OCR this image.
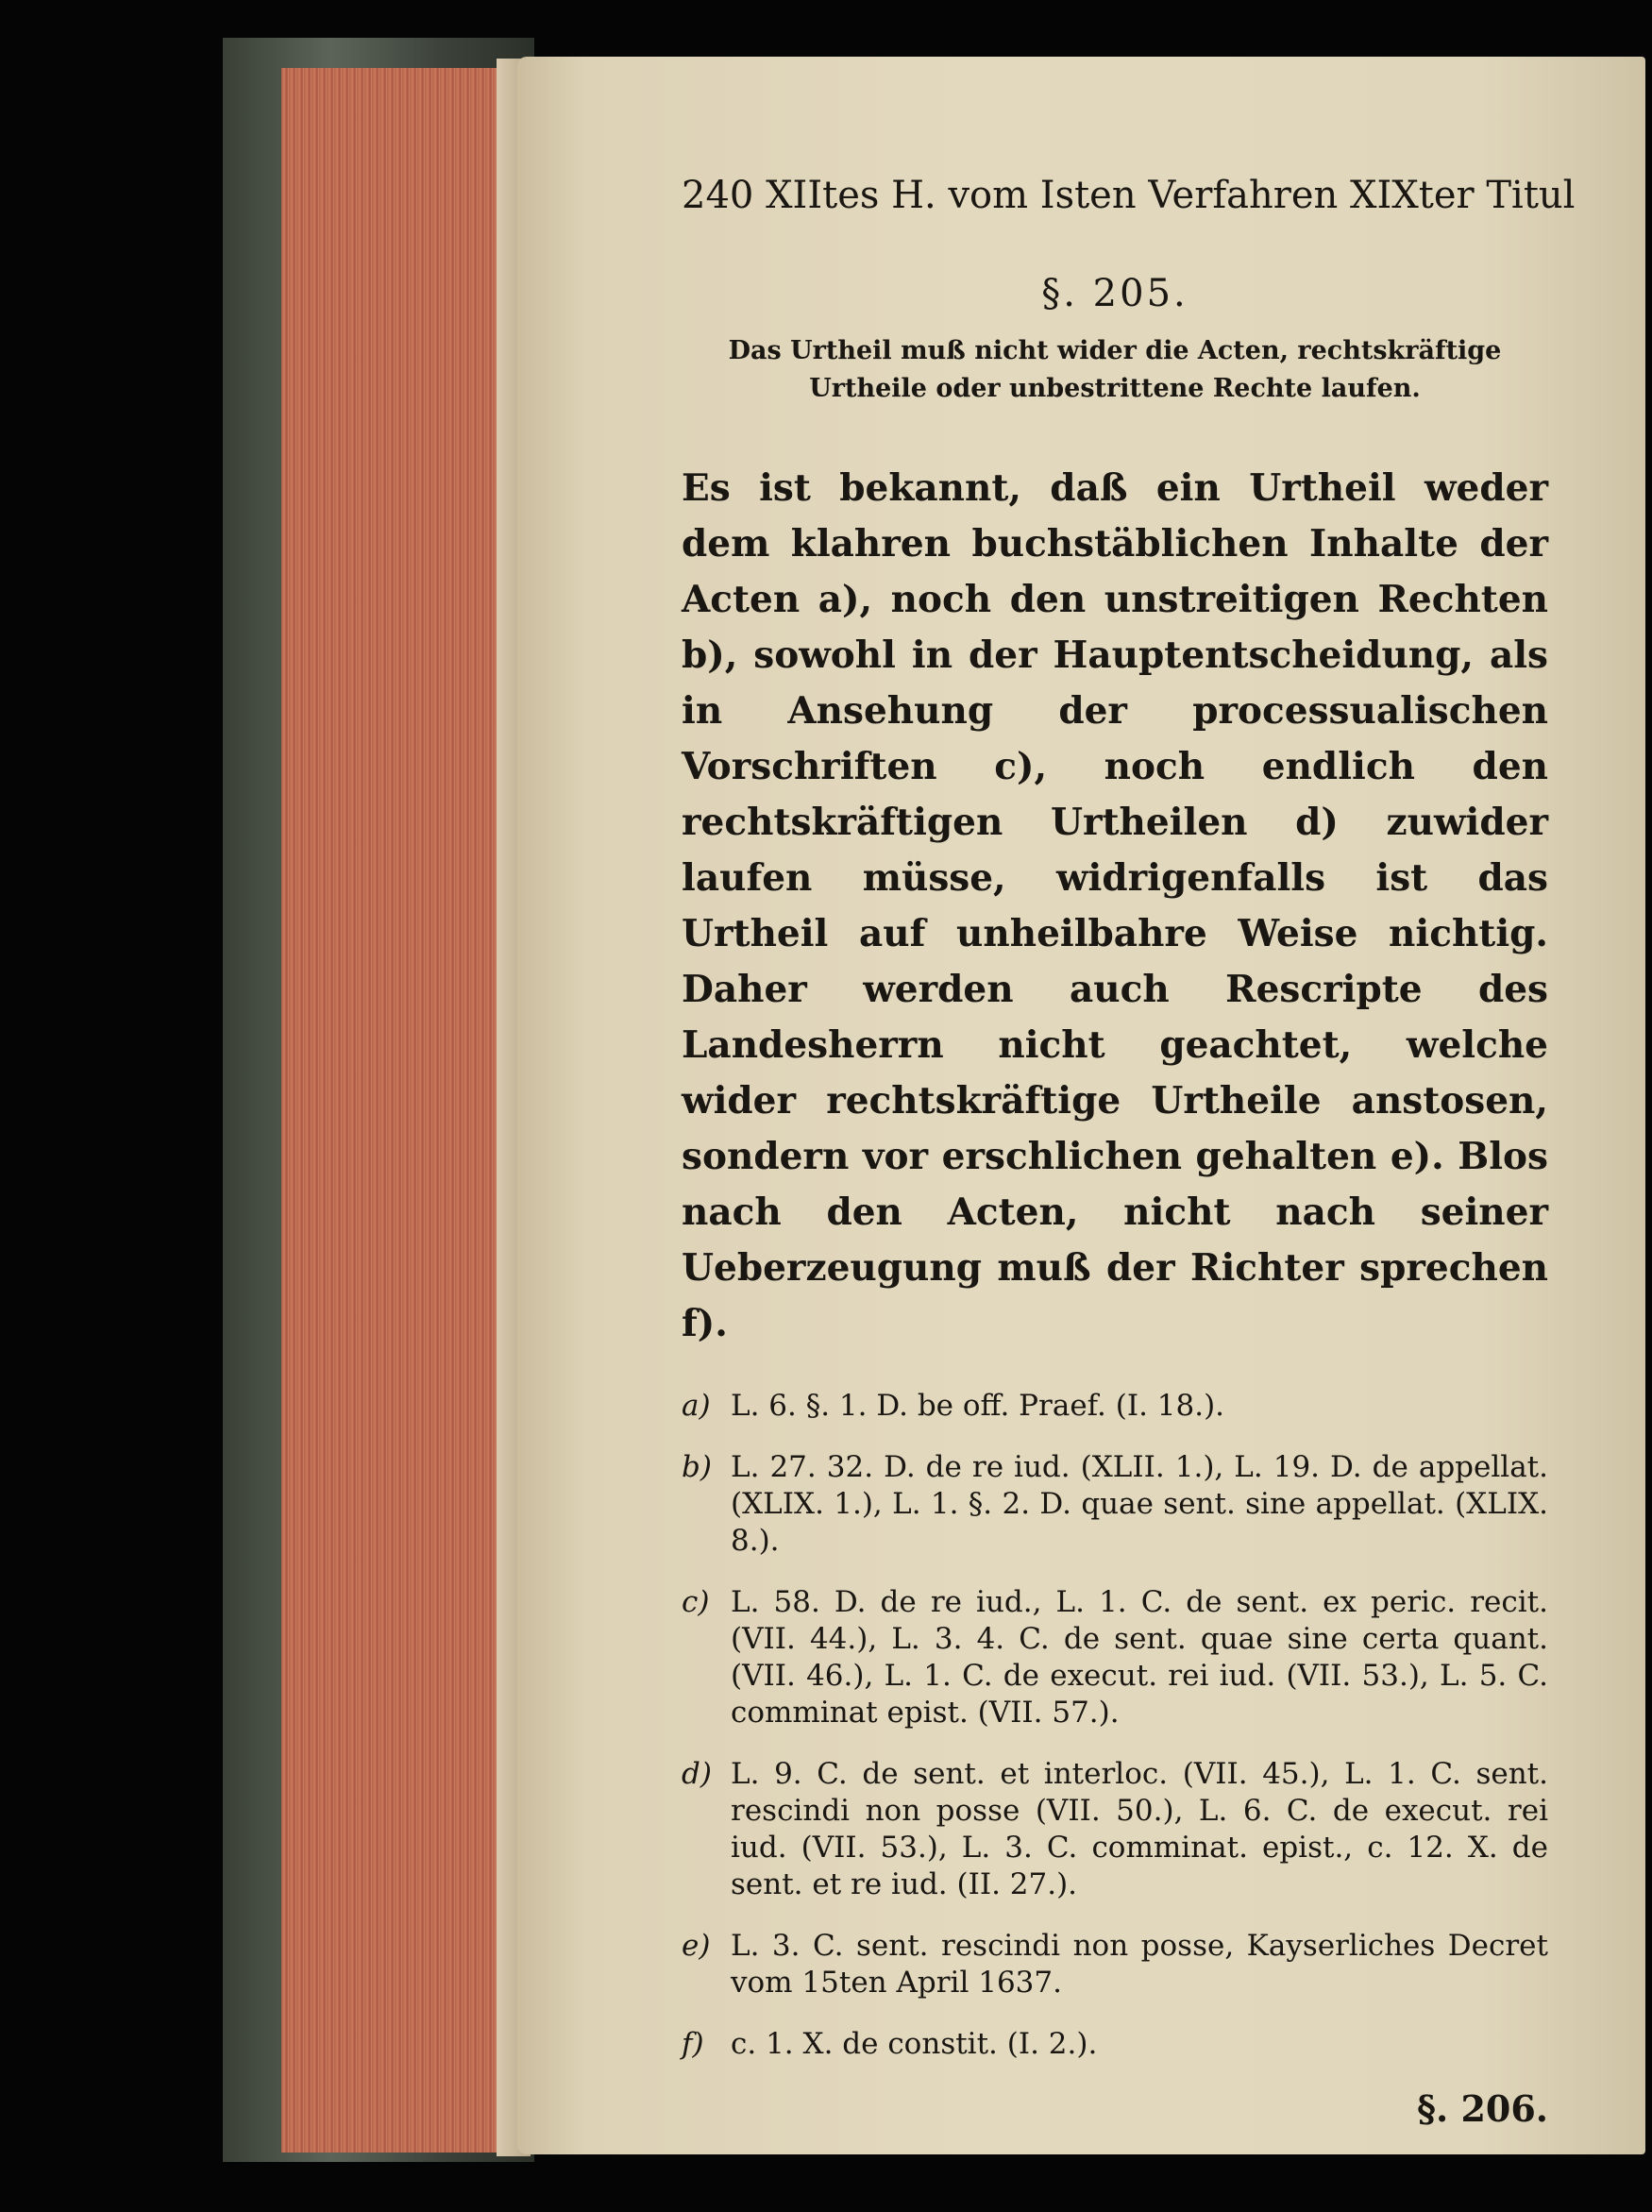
240 XIItes H. vom Isten Verfahren XIXter Titul
§. 205.
Das Urtheil muß nicht wider die Acten, rechtskräftige Urtheile oder unbestrittene Rechte laufen.
Es ist bekannt, daß ein Urtheil weder dem klahren buchstäblichen Inhalte der Acten a), noch den unstreitigen Rechten b), sowohl in der Hauptentscheidung, als in Ansehung der processualischen Vorschriften c), noch endlich den rechtskräftigen Urtheilen d) zuwider laufen müsse, widrigenfalls ist das Urtheil auf unheilbahre Weise nichtig. Daher werden auch Rescripte des Landesherrn nicht geachtet, welche wider rechtskräftige Urtheile anstosen, sondern vor erschlichen gehalten e). Blos nach den Acten, nicht nach seiner Ueberzeugung muß der Richter sprechen f).
a) L. 6. §. 1. D. be off. Praef. (I. 18.).
b) L. 27. 32. D. de re iud. (XLII. 1.), L. 19. D. de appellat. (XLIX. 1.), L. 1. §. 2. D. quae sent. sine appellat. (XLIX. 8.).
c) L. 58. D. de re iud., L. 1. C. de sent. ex peric. recit. (VII. 44.), L. 3. 4. C. de sent. quae sine certa quant. (VII. 46.), L. 1. C. de execut. rei iud. (VII. 53.), L. 5. C. comminat epist. (VII. 57.).
d) L. 9. C. de sent. et interloc. (VII. 45.), L. 1. C. sent. rescindi non posse (VII. 50.), L. 6. C. de execut. rei iud. (VII. 53.), L. 3. C. comminat. epist., c. 12. X. de sent. et re iud. (II. 27.).
e) L. 3. C. sent. rescindi non posse, Kayserliches Decret vom 15ten April 1637.
f) c. 1. X. de constit. (I. 2.).
§. 206.
